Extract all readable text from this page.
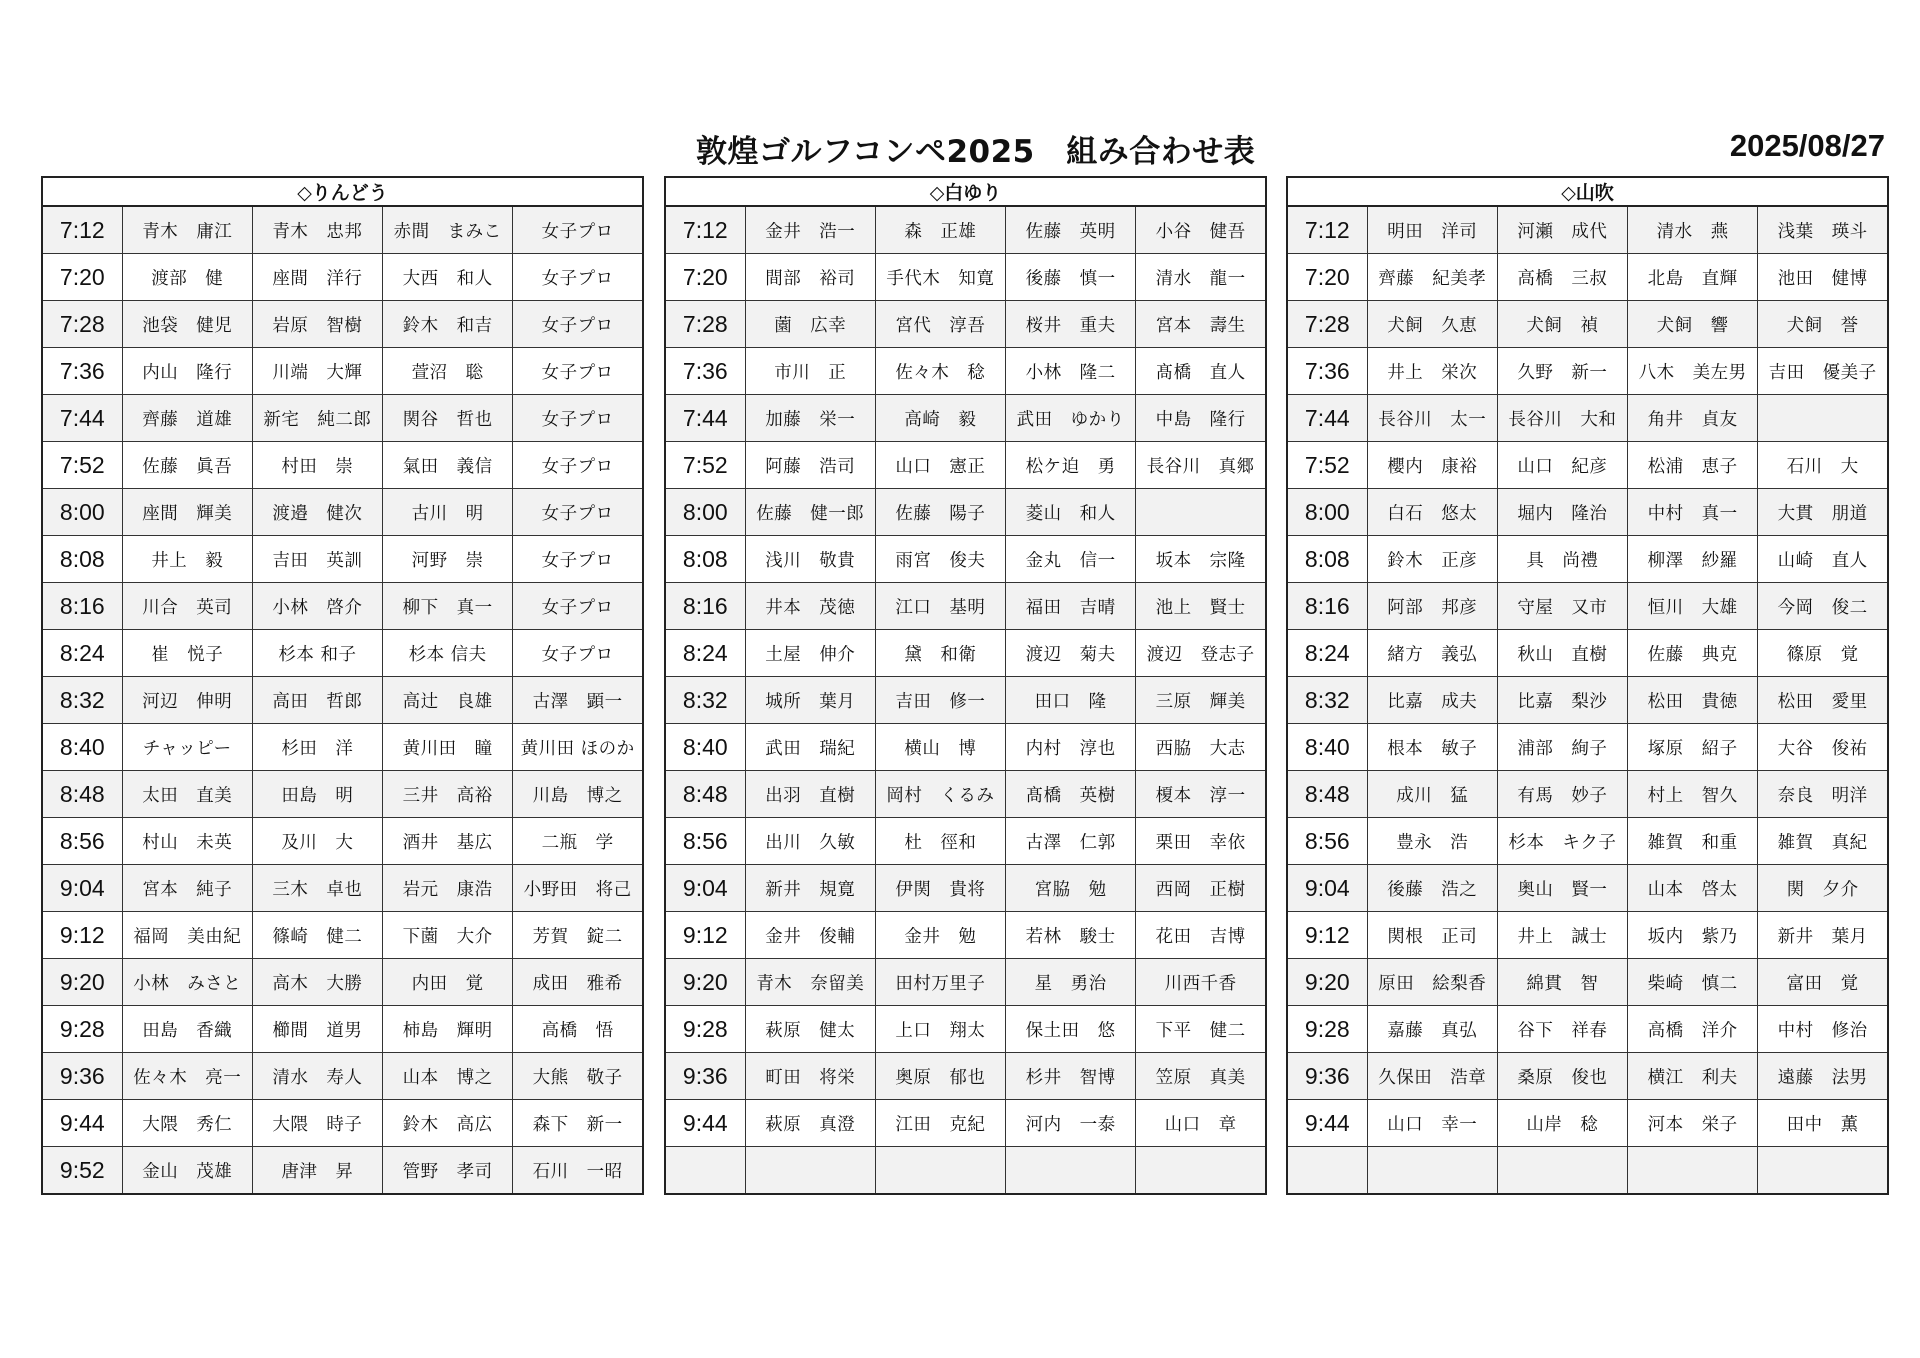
敦煌ゴルフコンペ2025　組み合わせ表	2025/08/27
◇りんどう				
7:12	青木　庸江	青木　忠邦	赤間　まみこ	女子プロ
7:20	渡部　健	座間　洋行	大西　和人	女子プロ
7:28	池袋　健児	岩原　智樹	鈴木　和吉	女子プロ
7:36	内山　隆行	川端　大輝	萱沼　聡	女子プロ
7:44	齊藤　道雄	新宅　純二郎	関谷　哲也	女子プロ
7:52	佐藤　眞吾	村田　崇	氣田　義信	女子プロ
8:00	座間　輝美	渡邉　健次	古川　明	女子プロ
8:08	井上　毅	吉田　英訓	河野　崇	女子プロ
8:16	川合　英司	小林　啓介	柳下　真一	女子プロ
8:24	崔　悦子	杉本 和子	杉本 信夫	女子プロ
8:32	河辺　伸明	高田　哲郎	高辻　良雄	古澤　顕一
8:40	チャッピー	杉田　洋	黄川田　瞳	黄川田 ほのか
8:48	太田　直美	田島　明	三井　高裕	川島　博之
8:56	村山　未英	及川　大	酒井　基広	二瓶　学
9:04	宮本　純子	三木　卓也	岩元　康浩	小野田　将己
9:12	福岡　美由紀	篠崎　健二	下薗　大介	芳賀　錠二
9:20	小林　みさと	高木　大勝	内田　覚	成田　雅希
9:28	田島　香織	櫛間　道男	柿島　輝明	高橋　悟
9:36	佐々木　亮一	清水　寿人	山本　博之	大熊　敬子
9:44	大隈　秀仁	大隈　時子	鈴木　高広	森下　新一
9:52	金山　茂雄	唐津　昇	管野　孝司	石川　一昭
◇白ゆり				
7:12	金井　浩一	森　正雄	佐藤　英明	小谷　健吾
7:20	間部　裕司	手代木　知寛	後藤　慎一	清水　龍一
7:28	薗　広幸	宮代　淳吾	桜井　重夫	宮本　壽生
7:36	市川　正	佐々木　稔	小林　隆二	髙橋　直人
7:44	加藤　栄一	高崎　毅	武田　ゆかり	中島　隆行
7:52	阿藤　浩司	山口　憲正	松ケ迫　勇	長谷川　真郷
8:00	佐藤　健一郎	佐藤　陽子	菱山　和人	
8:08	浅川　敬貴	雨宮　俊夫	金丸　信一	坂本　宗隆
8:16	井本　茂徳	江口　基明	福田　吉晴	池上　賢士
8:24	土屋　伸介	黛　和衛	渡辺　菊夫	渡辺　登志子
8:32	城所　葉月	吉田　修一	田口　隆	三原　輝美
8:40	武田　瑞紀	横山　博	内村　淳也	西脇　大志
8:48	出羽　直樹	岡村　くるみ	髙橋　英樹	榎本　淳一
8:56	出川　久敏	杜　徑和	古澤　仁郭	栗田　幸依
9:04	新井　規寛	伊関　貴将	宮脇　勉	西岡　正樹
9:12	金井　俊輔	金井　勉	若林　駿士	花田　吉博
9:20	青木　奈留美	田村万里子	星　勇治	川西千香
9:28	萩原　健太	上口　翔太	保土田　悠	下平　健二
9:36	町田　将栄	奥原　郁也	杉井　智博	笠原　真美
9:44	萩原　真澄	江田　克紀	河内　一泰	山口　章

◇山吹				
7:12	明田　洋司	河瀬　成代	清水　燕	浅葉　瑛斗
7:20	齊藤　紀美孝	高橋　三叔	北島　直輝	池田　健博
7:28	犬飼　久恵	犬飼　禎	犬飼　響	犬飼　誉
7:36	井上　栄次	久野　新一	八木　美左男	吉田　優美子
7:44	長谷川　太一	長谷川　大和	角井　貞友	
7:52	櫻内　康裕	山口　紀彦	松浦　恵子	石川　大
8:00	白石　悠太	堀内　隆治	中村　真一	大貫　朋道
8:08	鈴木　正彦	具　尚禮	柳澤　紗羅	山崎　直人
8:16	阿部　邦彦	守屋　又市	恒川　大雄	今岡　俊二
8:24	緒方　義弘	秋山　直樹	佐藤　典克	篠原　覚
8:32	比嘉　成夫	比嘉　梨沙	松田　貴徳	松田　愛里
8:40	根本　敏子	浦部　絢子	塚原　紹子	大谷　俊祐
8:48	成川　猛	有馬　妙子	村上　智久	奈良　明洋
8:56	豊永　浩	杉本　キク子	雑賀　和重	雑賀　真紀
9:04	後藤　浩之	奥山　賢一	山本　啓太	関　夕介
9:12	関根　正司	井上　誠士	坂内　紫乃	新井　葉月
9:20	原田　絵梨香	綿貫　智	柴崎　慎二	富田　覚
9:28	嘉藤　真弘	谷下　祥春	高橋　洋介	中村　修治
9:36	久保田　浩章	桑原　俊也	横江　利夫	遠藤　法男
9:44	山口　幸一	山岸　稔	河本　栄子	田中　薫
